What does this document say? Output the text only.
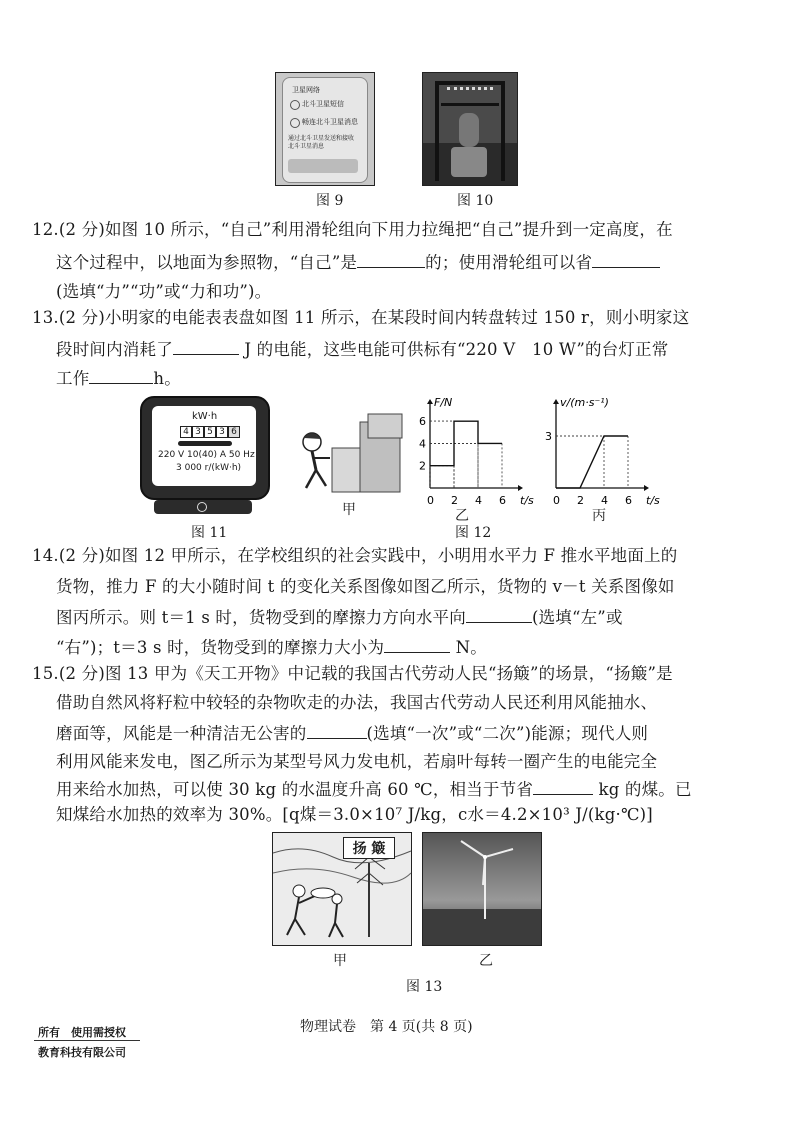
卫星网络
北斗卫星短信
畅连北斗卫星消息
通过北斗卫星发送和接收北斗卫星消息
图 9	图 10
12.(2 分)如图 10 所示，“自己”利用滑轮组向下用力拉绳把“自己”提升到一定高度，在
这个过程中，以地面为参照物，“自己”是	的；使用滑轮组可以省
(选填“力”“功”或“力和功”)。
13.(2 分)小明家的电能表表盘如图 11 所示，在某段时间内转盘转过 150 r，则小明家这
段时间内消耗了	J 的电能，这些电能可供标有“220 V　10 W”的台灯正常
工作	h。
kW·h
4 3 5 3 6
220 V 10(40) A 50 Hz
3 000 r/(kW·h)
图 11
甲
F/N
t/s
0 2 4 6
2
4
6
乙
图 12
v/(m·s⁻¹)
t/s
0 2 4 6
3
丙
14.(2 分)如图 12 甲所示，在学校组织的社会实践中，小明用水平力 F 推水平地面上的
货物，推力 F 的大小随时间 t 的变化关系图像如图乙所示，货物的 v－t 关系图像如
图丙所示。则 t＝1 s 时，货物受到的摩擦力方向水平向	(选填“左”或
“右”)；t＝3 s 时，货物受到的摩擦力大小为	N。
15.(2 分)图 13 甲为《天工开物》中记载的我国古代劳动人民“扬簸”的场景，“扬簸”是
借助自然风将籽粒中较轻的杂物吹走的办法，我国古代劳动人民还利用风能抽水、
磨面等，风能是一种清洁无公害的	(选填“一次”或“二次”)能源；现代人则
利用风能来发电，图乙所示为某型号风力发电机，若扇叶每转一圈产生的电能完全
用来给水加热，可以使 30 kg 的水温度升高 60 ℃，相当于节省	kg 的煤。已
知煤给水加热的效率为 30%。[q煤＝3.0×10⁷ J/kg，c水＝4.2×10³ J/(kg·℃)]
扬 簸
甲	乙
图 13
物理试卷　第 4 页(共 8 页)
所有　使用需授权
教育科技有限公司
